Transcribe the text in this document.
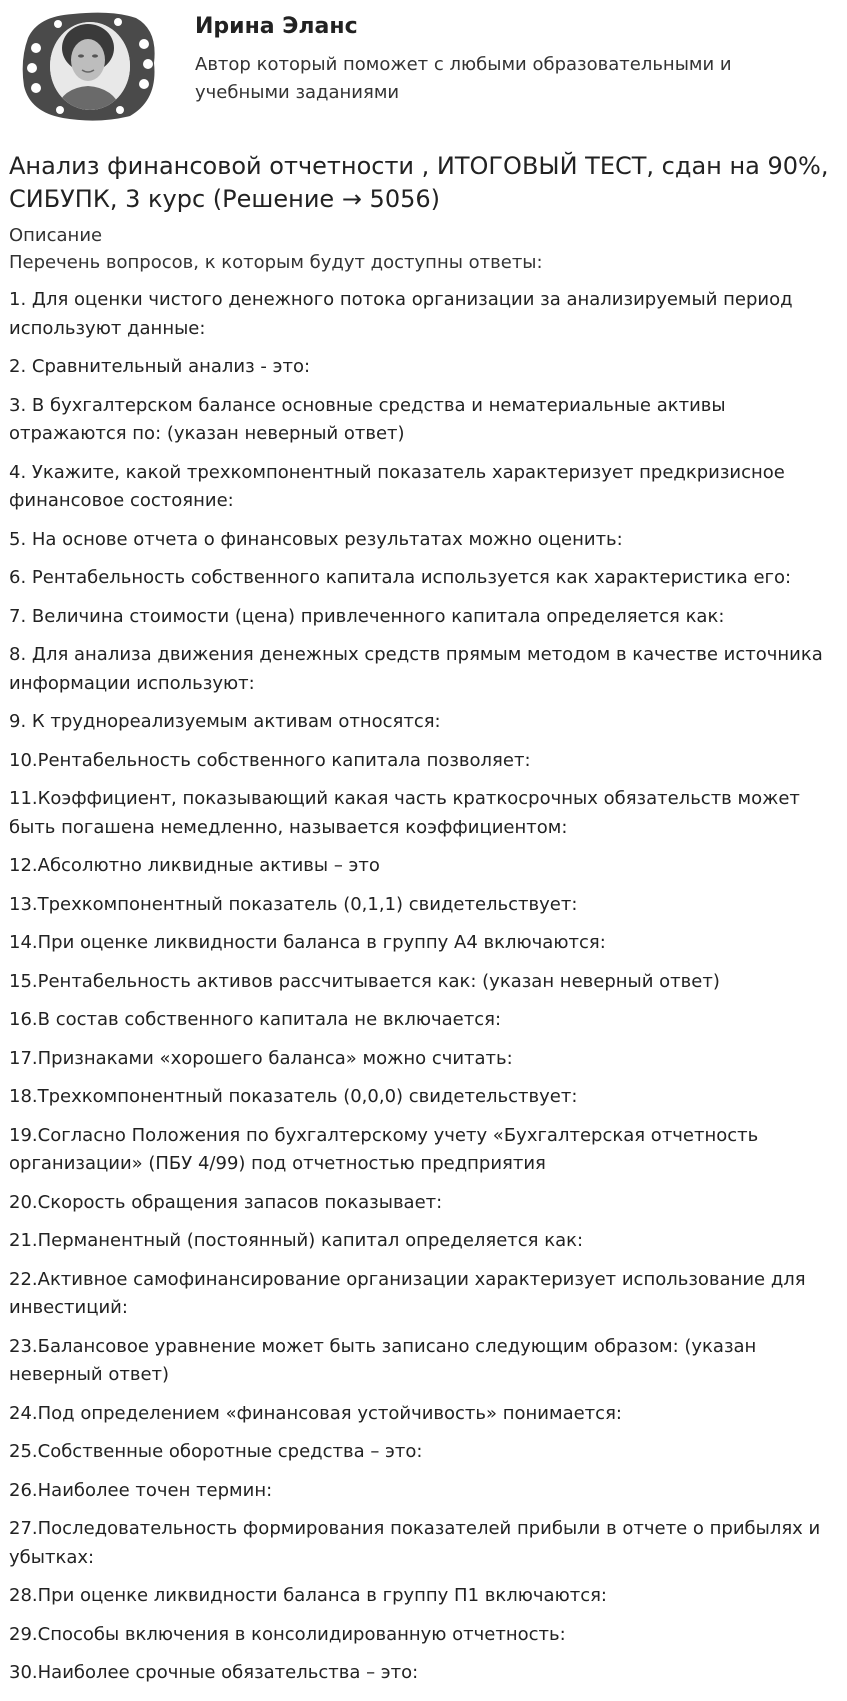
Ирина Эланс
Автор который поможет с любыми образовательными и учебными заданиями
Анализ финансовой отчетности , ИТОГОВЫЙ ТЕСТ, сдан на 90%, СИБУПК, 3 курс (Решение → 5056)
Описание
Перечень вопросов, к которым будут доступны ответы:
1. Для оценки чистого денежного потока организации за анализируемый период используют данные:
2. Сравнительный анализ - это:
3. В бухгалтерском балансе основные средства и нематериальные активы отражаются по: (указан неверный ответ)
4. Укажите, какой трехкомпонентный показатель характеризует предкризисное финансовое состояние:
5. На основе отчета о финансовых результатах можно оценить:
6. Рентабельность собственного капитала используется как характеристика его:
7. Величина стоимости (цена) привлеченного капитала определяется как:
8. Для анализа движения денежных средств прямым методом в качестве источника информации используют:
9. К труднореализуемым активам относятся:
10.Рентабельность собственного капитала позволяет:
11.Коэффициент, показывающий какая часть краткосрочных обязательств может быть погашена немедленно, называется коэффициентом:
12.Абсолютно ликвидные активы – это
13.Трехкомпонентный показатель (0,1,1) свидетельствует:
14.При оценке ликвидности баланса в группу А4 включаются:
15.Рентабельность активов рассчитывается как: (указан неверный ответ)
16.В состав собственного капитала не включается:
17.Признаками «хорошего баланса» можно считать:
18.Трехкомпонентный показатель (0,0,0) свидетельствует:
19.Согласно Положения по бухгалтерскому учету «Бухгалтерская отчетность организации» (ПБУ 4/99) под отчетностью предприятия
20.Скорость обращения запасов показывает:
21.Перманентный (постоянный) капитал определяется как:
22.Активное самофинансирование организации характеризует использование для инвестиций:
23.Балансовое уравнение может быть записано следующим образом: (указан неверный ответ)
24.Под определением «финансовая устойчивость» понимается:
25.Собственные оборотные средства – это:
26.Наиболее точен термин:
27.Последовательность формирования показателей прибыли в отчете о прибылях и убытках:
28.При оценке ликвидности баланса в группу П1 включаются:
29.Способы включения в консолидированную отчетность:
30.Наиболее срочные обязательства – это:
